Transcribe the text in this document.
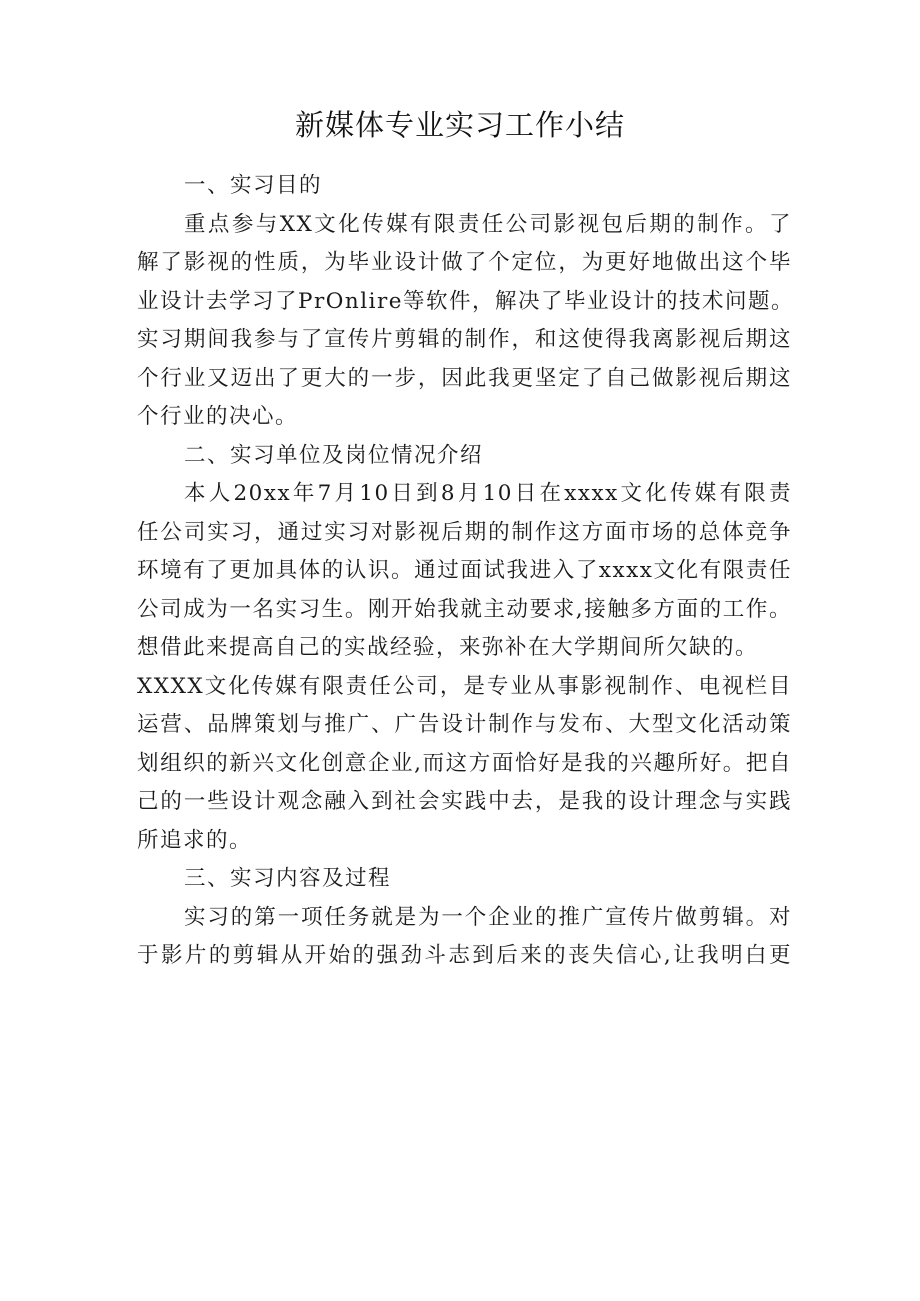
新媒体专业实习工作小结
一、实习目的
重点参与XX文化传媒有限责任公司影视包后期的制作。了
解了影视的性质，为毕业设计做了个定位，为更好地做出这个毕
业设计去学习了PrOnlire等软件，解决了毕业设计的技术问题。
实习期间我参与了宣传片剪辑的制作，和这使得我离影视后期这
个行业又迈出了更大的一步，因此我更坚定了自己做影视后期这
个行业的决心。
二、实习单位及岗位情况介绍
本人20xx年7月10日到8月10日在xxxx文化传媒有限责
任公司实习，通过实习对影视后期的制作这方面市场的总体竞争
环境有了更加具体的认识。通过面试我进入了xxxx文化有限责任
公司成为一名实习生。刚开始我就主动要求,接触多方面的工作。
想借此来提高自己的实战经验，来弥补在大学期间所欠缺的。
XXXX文化传媒有限责任公司，是专业从事影视制作、电视栏目
运营、品牌策划与推广、广告设计制作与发布、大型文化活动策
划组织的新兴文化创意企业,而这方面恰好是我的兴趣所好。把自
己的一些设计观念融入到社会实践中去，是我的设计理念与实践
所追求的。
三、实习内容及过程
实习的第一项任务就是为一个企业的推广宣传片做剪辑。对
于影片的剪辑从开始的强劲斗志到后来的丧失信心,让我明白更
